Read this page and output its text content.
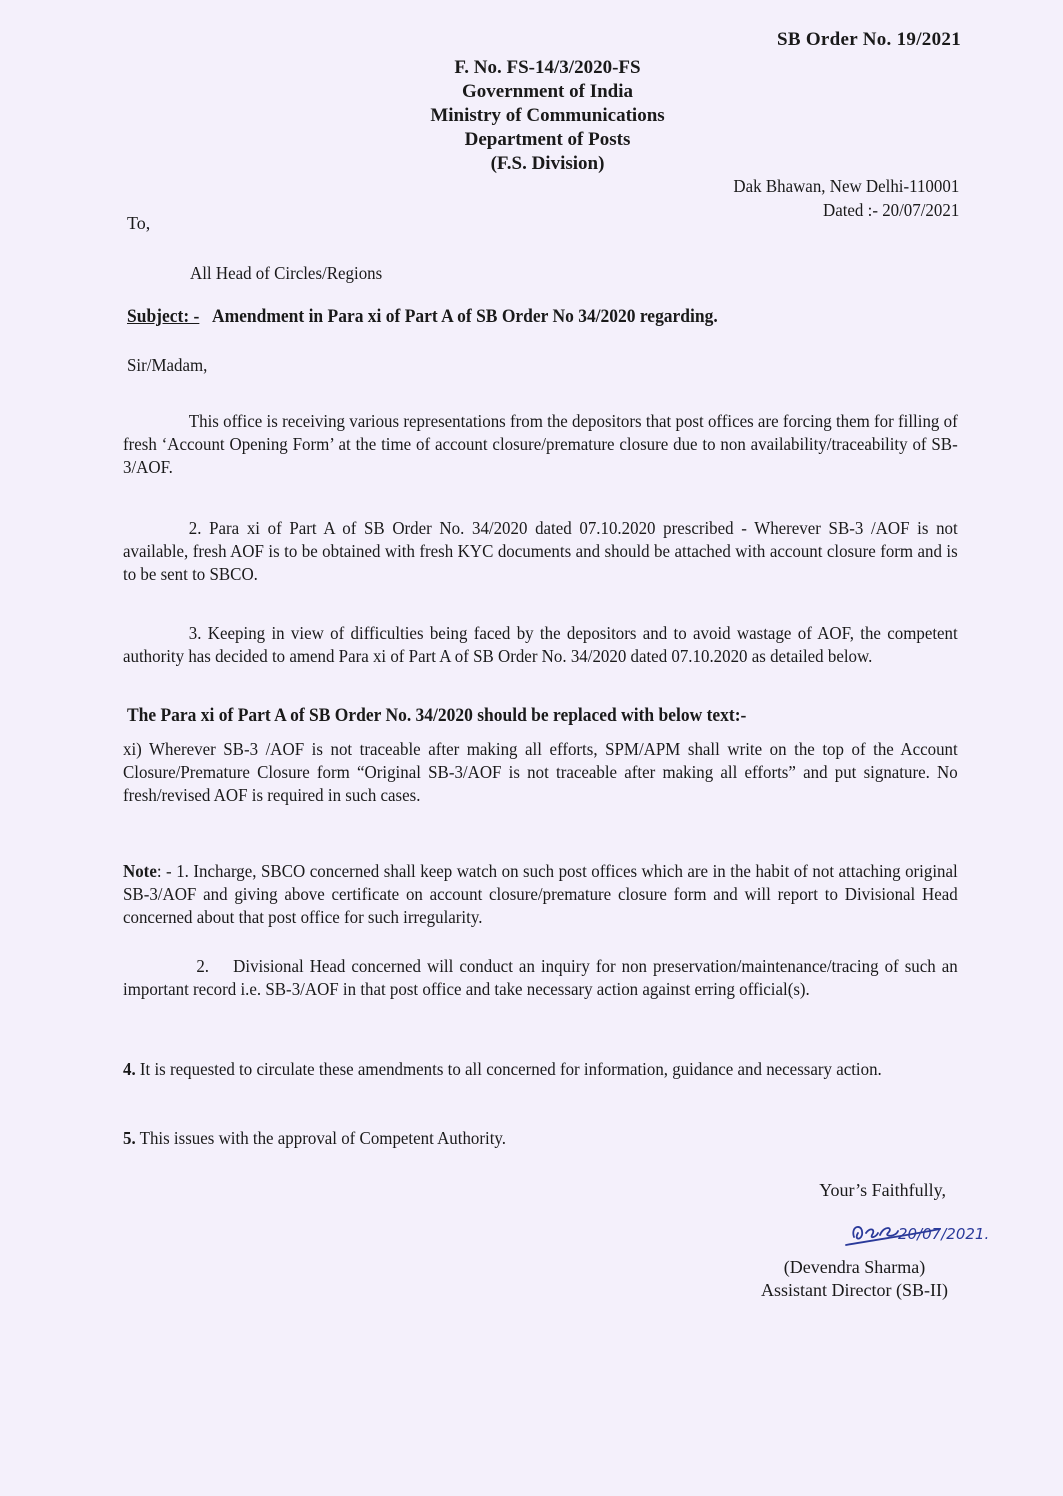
SB Order No. 19/2021
F. No. FS-14/3/2020-FS
Government of India
Ministry of Communications
Department of Posts
(F.S. Division)
Dak Bhawan, New Delhi-110001
Dated :- 20/07/2021
To,
All Head of Circles/Regions
Subject: - Amendment in Para xi of Part A of SB Order No 34/2020 regarding.
Sir/Madam,
This office is receiving various representations from the depositors that post offices are forcing them for filling of fresh ‘Account Opening Form’ at the time of account closure/premature closure due to non availability/traceability of SB-3/AOF.
2. Para xi of Part A of SB Order No. 34/2020 dated 07.10.2020 prescribed - Wherever SB-3 /AOF is not available, fresh AOF is to be obtained with fresh KYC documents and should be attached with account closure form and is to be sent to SBCO.
3. Keeping in view of difficulties being faced by the depositors and to avoid wastage of AOF, the competent authority has decided to amend Para xi of Part A of SB Order No. 34/2020 dated 07.10.2020 as detailed below.
The Para xi of Part A of SB Order No. 34/2020 should be replaced with below text:-
xi) Wherever SB-3 /AOF is not traceable after making all efforts, SPM/APM shall write on the top of the Account Closure/Premature Closure form “Original SB-3/AOF is not traceable after making all efforts” and put signature. No fresh/revised AOF is required in such cases.
Note: - 1. Incharge, SBCO concerned shall keep watch on such post offices which are in the habit of not attaching original SB-3/AOF and giving above certificate on account closure/premature closure form and will report to Divisional Head concerned about that post office for such irregularity.
2. Divisional Head concerned will conduct an inquiry for non preservation/maintenance/tracing of such an important record i.e. SB-3/AOF in that post office and take necessary action against erring official(s).
4. It is requested to circulate these amendments to all concerned for information, guidance and necessary action.
5. This issues with the approval of Competent Authority.
Your’s Faithfully,
20/07/2021.
(Devendra Sharma)
Assistant Director (SB-II)
